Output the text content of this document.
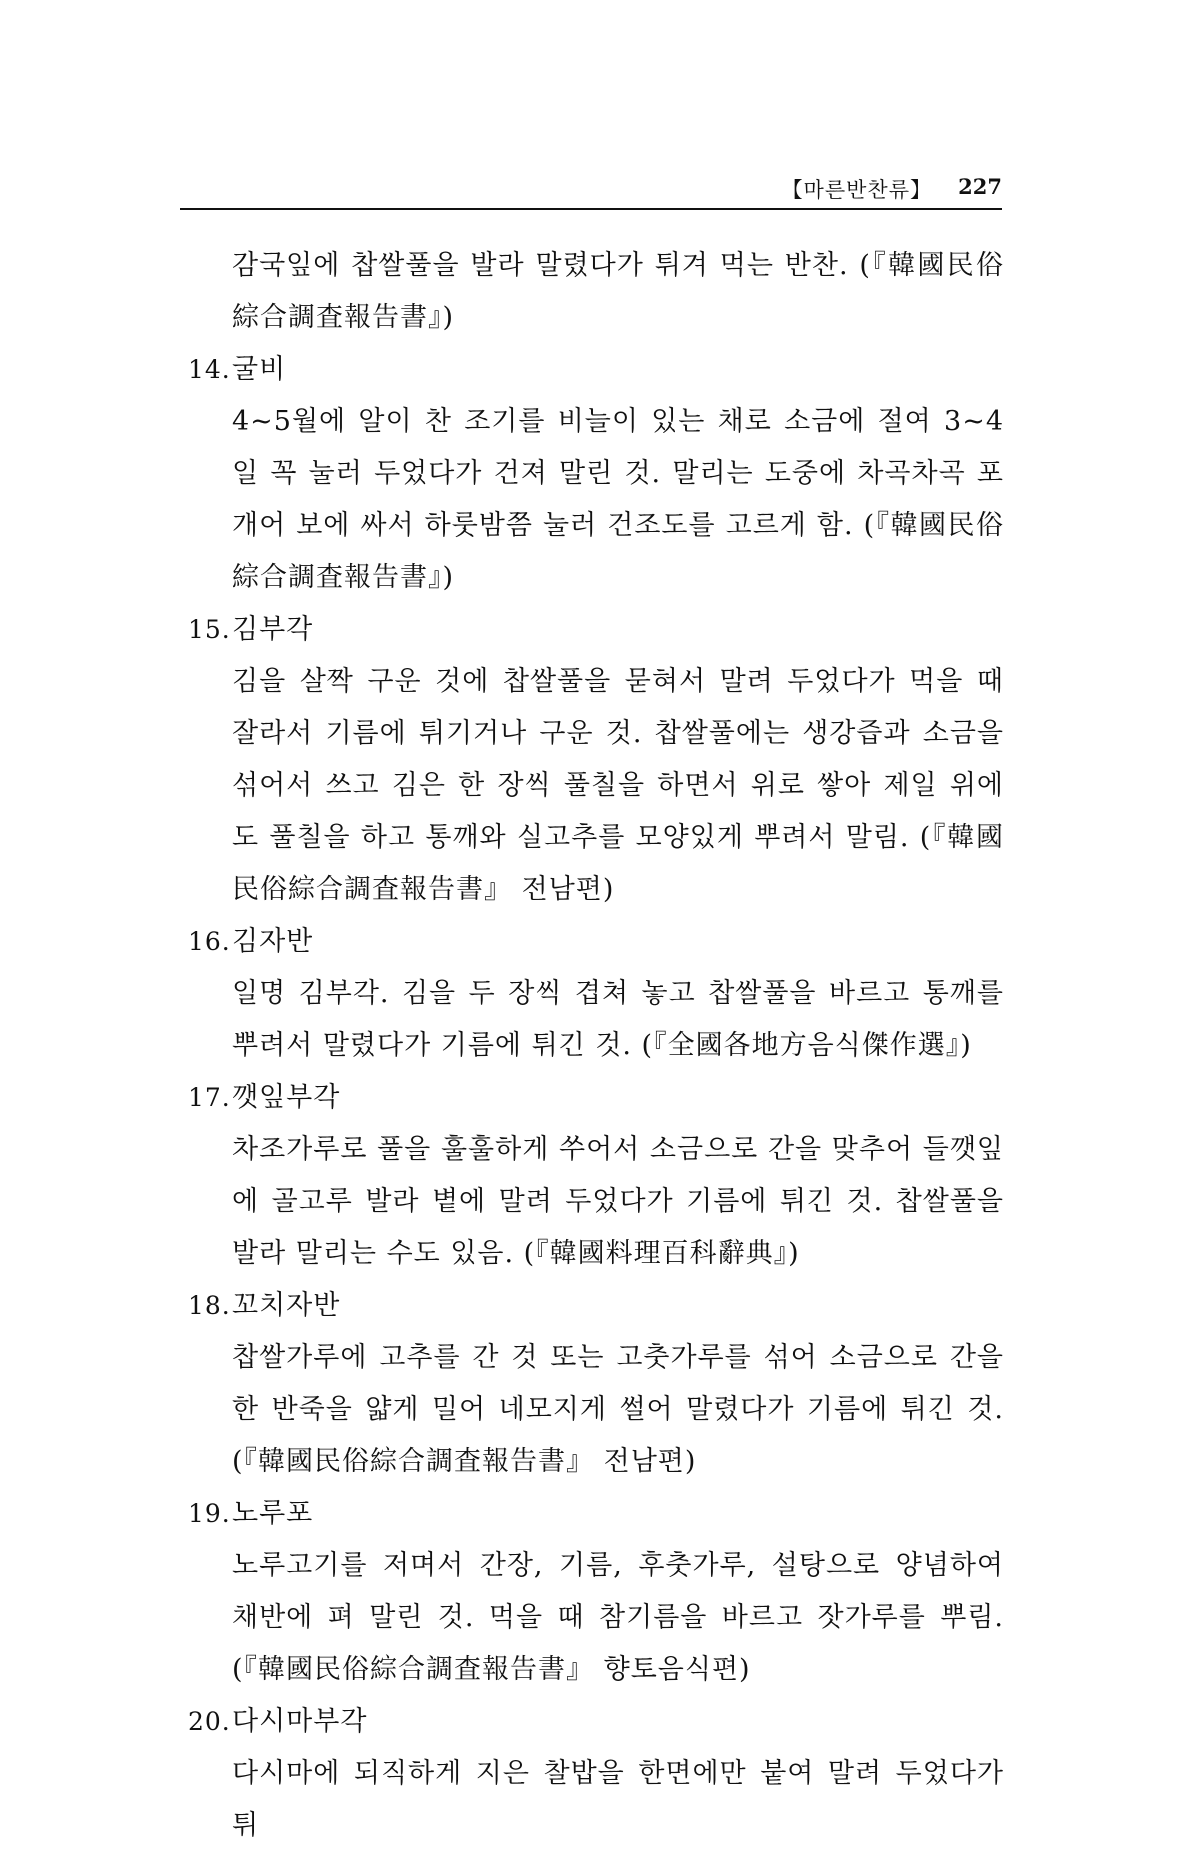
【마른반찬류】 227

감국잎에 찹쌀풀을 발라 말렸다가 튀겨 먹는 반찬. (『韓國民俗綜合調査報告書』)

14. 굴비

4~5월에 알이 찬 조기를 비늘이 있는 채로 소금에 절여 3~4일 꼭 눌러 두었다가 건져 말린 것. 말리는 도중에 차곡차곡 포개어 보에 싸서 하룻밤쯤 눌러 건조도를 고르게 함. (『韓國民俗綜合調査報告書』)

15. 김부각

김을 살짝 구운 것에 찹쌀풀을 묻혀서 말려 두었다가 먹을 때 잘라서 기름에 튀기거나 구운 것. 찹쌀풀에는 생강즙과 소금을 섞어서 쓰고 김은 한 장씩 풀칠을 하면서 위로 쌓아 제일 위에도 풀칠을 하고 통깨와 실고추를 모양있게 뿌려서 말림. (『韓國民俗綜合調査報告書』 전남편)

16. 김자반

일명 김부각. 김을 두 장씩 겹쳐 놓고 찹쌀풀을 바르고 통깨를 뿌려서 말렸다가 기름에 튀긴 것. (『全國各地方음식傑作選』)

17. 깻잎부각

차조가루로 풀을 훌훌하게 쑤어서 소금으로 간을 맞추어 들깻잎에 골고루 발라 볕에 말려 두었다가 기름에 튀긴 것. 찹쌀풀을 발라 말리는 수도 있음. (『韓國料理百科辭典』)

18. 꼬치자반

찹쌀가루에 고추를 간 것 또는 고춧가루를 섞어 소금으로 간을 한 반죽을 얇게 밀어 네모지게 썰어 말렸다가 기름에 튀긴 것. (『韓國民俗綜合調査報告書』 전남편)

19. 노루포

노루고기를 저며서 간장, 기름, 후춧가루, 설탕으로 양념하여 채반에 펴 말린 것. 먹을 때 참기름을 바르고 잣가루를 뿌림. (『韓國民俗綜合調査報告書』 향토음식편)

20. 다시마부각

다시마에 되직하게 지은 찰밥을 한면에만 붙여 말려 두었다가 튀
